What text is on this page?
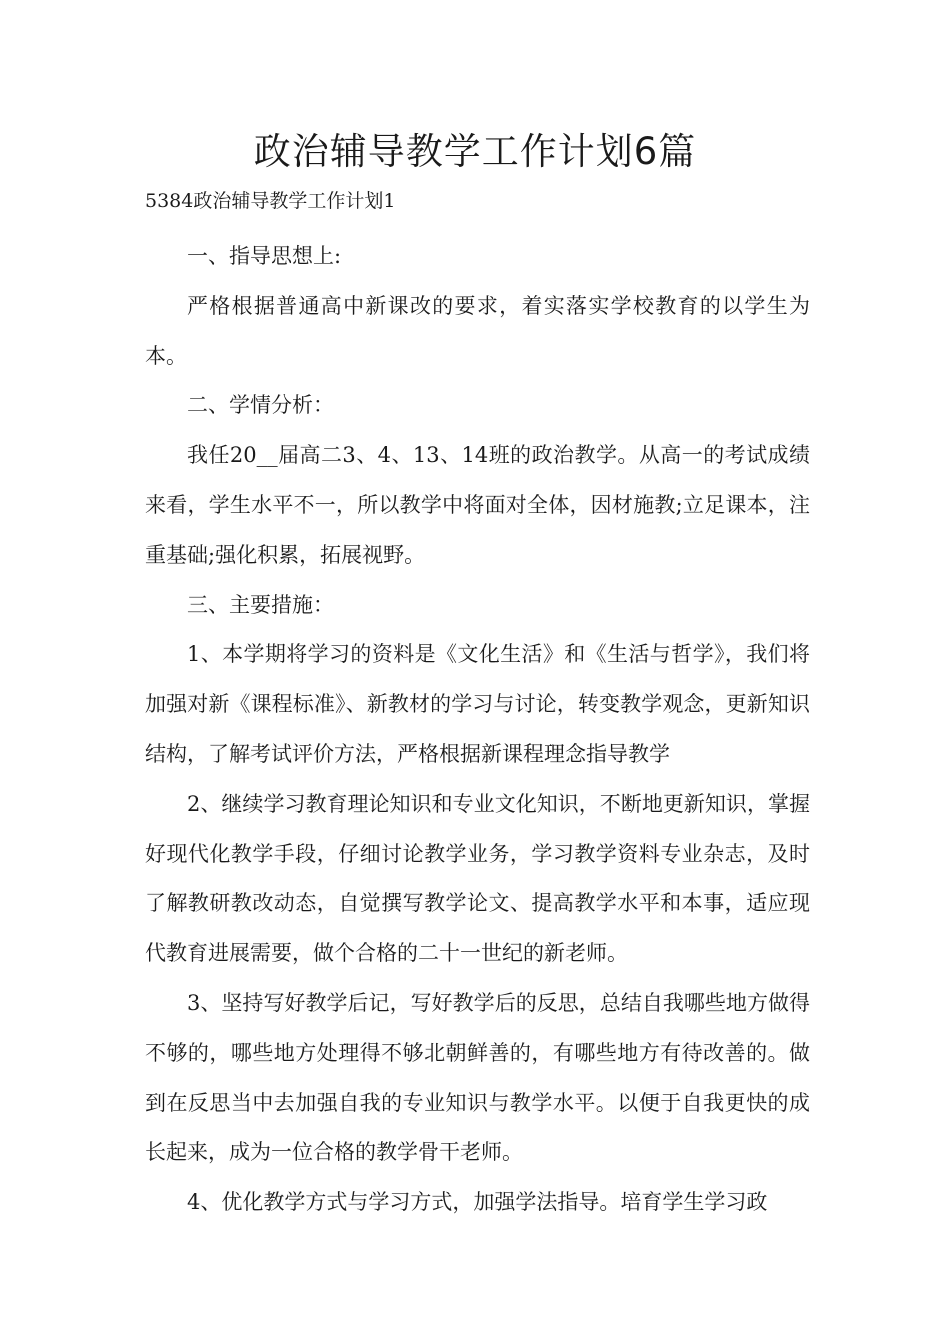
政治辅导教学工作计划6篇
5384政治辅导教学工作计划1

一、指导思想上:

严格根据普通高中新课改的要求，着实落实学校教育的以学生为本。

二、学情分析：

我任20__届高二3、4、13、14班的政治教学。从高一的考试成绩来看，学生水平不一，所以教学中将面对全体，因材施教;立足课本，注重基础;强化积累，拓展视野。

三、主要措施：

1、本学期将学习的资料是《文化生活》和《生活与哲学》，我们将加强对新《课程标准》、新教材的学习与讨论，转变教学观念，更新知识结构，了解考试评价方法，严格根据新课程理念指导教学

2、继续学习教育理论知识和专业文化知识，不断地更新知识，掌握好现代化教学手段，仔细讨论教学业务，学习教学资料专业杂志，及时了解教研教改动态，自觉撰写教学论文、提高教学水平和本事，适应现代教育进展需要，做个合格的二十一世纪的新老师。

3、坚持写好教学后记，写好教学后的反思，总结自我哪些地方做得不够的，哪些地方处理得不够北朝鲜善的，有哪些地方有待改善的。做到在反思当中去加强自我的专业知识与教学水平。以便于自我更快的成长起来，成为一位合格的教学骨干老师。

4、优化教学方式与学习方式，加强学法指导。培育学生学习政
